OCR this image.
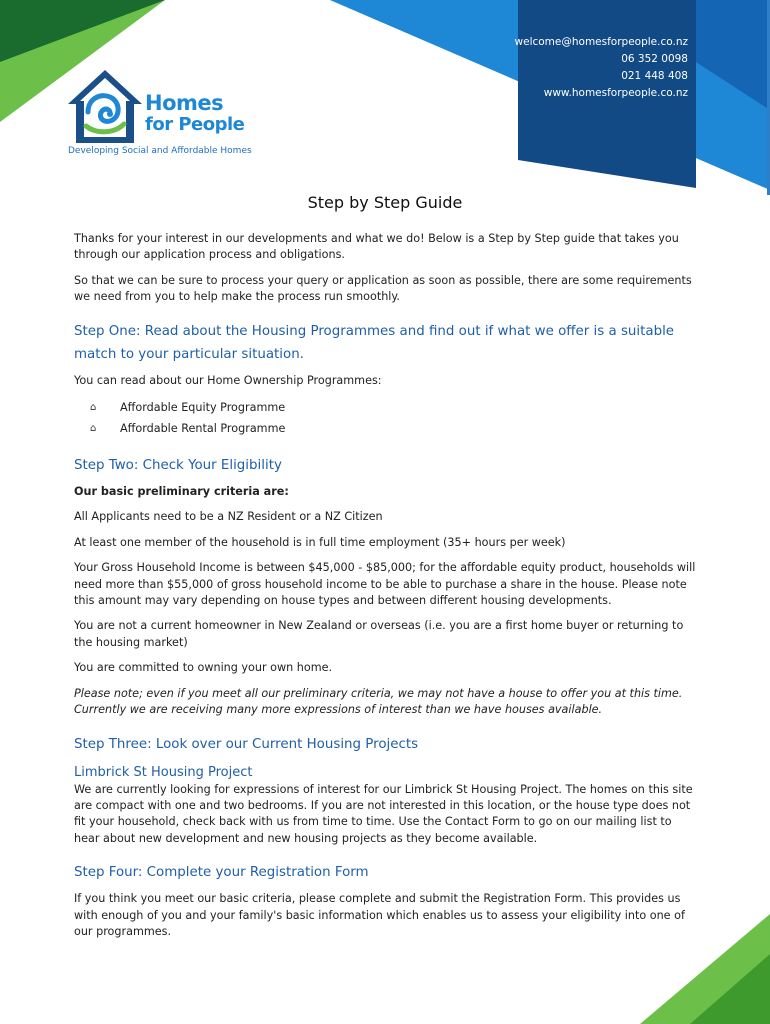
welcome@homesforpeople.co.nz
06 352 0098
021 448 408
www.homesforpeople.co.nz
Homes
for People
Developing Social and Affordable Homes
Step by Step Guide

Thanks for your interest in our developments and what we do! Below is a Step by Step guide that takes you through our application process and obligations.

So that we can be sure to process your query or application as soon as possible, there are some requirements we need from you to help make the process run smoothly.

Step One: Read about the Housing Programmes and find out if what we offer is a suitable match to your particular situation.

You can read about our Home Ownership Programmes:

⌂	Affordable Equity Programme
⌂	Affordable Rental Programme
Step Two: Check Your Eligibility

Our basic preliminary criteria are:

All Applicants need to be a NZ Resident or a NZ Citizen

At least one member of the household is in full time employment (35+ hours per week)

Your Gross Household Income is between $45,000 - $85,000; for the affordable equity product, households will need more than $55,000 of gross household income to be able to purchase a share in the house. Please note this amount may vary depending on house types and between different housing developments.

You are not a current homeowner in New Zealand or overseas (i.e. you are a first home buyer or returning to the housing market)

You are committed to owning your own home.

Please note; even if you meet all our preliminary criteria, we may not have a house to offer you at this time. Currently we are receiving many more expressions of interest than we have houses available.

Step Three: Look over our Current Housing Projects
Limbrick St Housing Project

We are currently looking for expressions of interest for our Limbrick St Housing Project. The homes on this site are compact with one and two bedrooms. If you are not interested in this location, or the house type does not fit your household, check back with us from time to time. Use the Contact Form to go on our mailing list to hear about new development and new housing projects as they become available.

Step Four: Complete your Registration Form

If you think you meet our basic criteria, please complete and submit the Registration Form. This provides us with enough of you and your family's basic information which enables us to assess your eligibility into one of our programmes.
